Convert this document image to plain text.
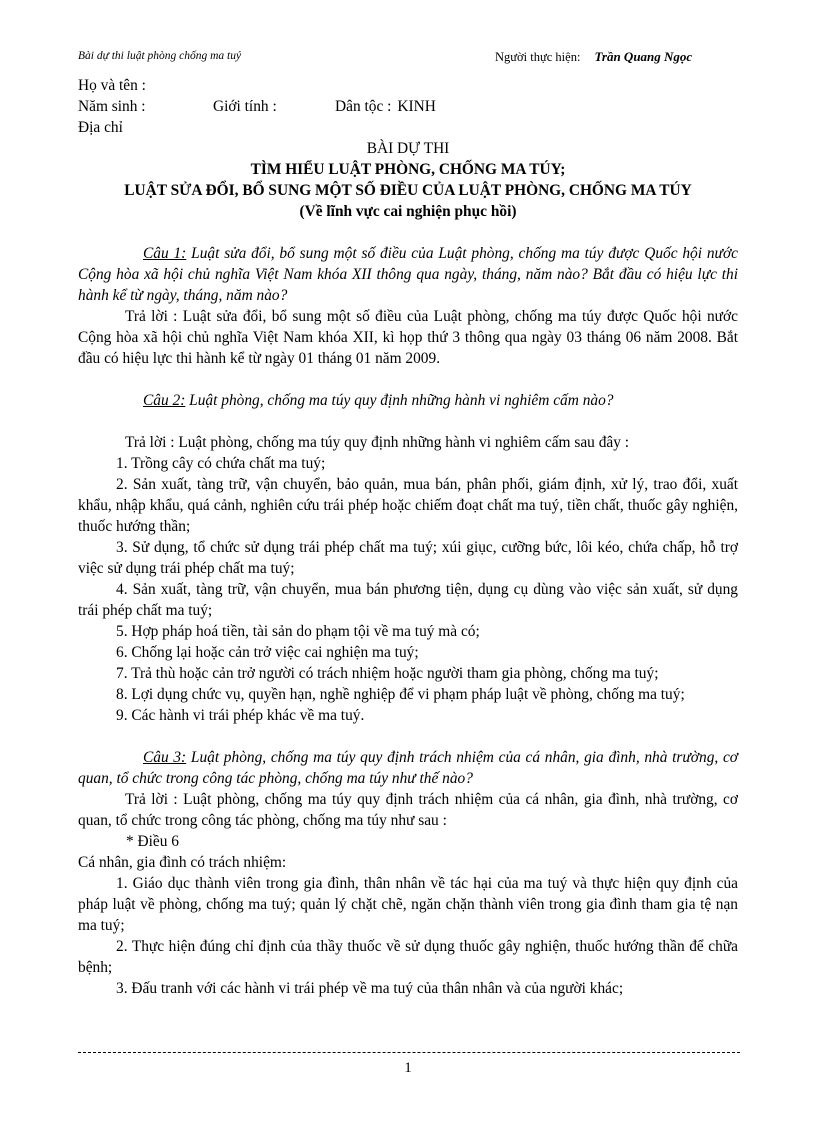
Bài dự thi luật phòng chống ma tuý	Người thực hiện: Trần Quang Ngọc

Họ và tên :

Năm sinh :	Giới tính :	Dân tộc : KINH

Địa chỉ

BÀI DỰ THI

TÌM HIỂU LUẬT PHÒNG, CHỐNG MA TÚY;

LUẬT SỬA ĐỔI, BỔ SUNG MỘT SỐ ĐIỀU CỦA LUẬT PHÒNG, CHỐNG MA TÚY

(Về lĩnh vực cai nghiện phục hồi)

Câu 1: Luật sửa đổi, bổ sung một số điều của Luật phòng, chống ma túy được Quốc hội nước Cộng hòa xã hội chủ nghĩa Việt Nam khóa XII thông qua ngày, tháng, năm nào? Bắt đầu có hiệu lực thi hành kể từ ngày, tháng, năm nào?

Trả lời : Luật sửa đổi, bổ sung một số điều của Luật phòng, chống ma túy được Quốc hội nước Cộng hòa xã hội chủ nghĩa Việt Nam khóa XII, kì họp thứ 3 thông qua ngày 03 tháng 06 năm 2008. Bắt đầu có hiệu lực thi hành kể từ ngày 01 tháng 01 năm 2009.

Câu 2: Luật phòng, chống ma túy quy định những hành vi nghiêm cấm nào?

Trả lời : Luật phòng, chống ma túy quy định những hành vi nghiêm cấm sau đây :

1. Trồng cây có chứa chất ma tuý;

2. Sản xuất, tàng trữ, vận chuyển, bảo quản, mua bán, phân phối, giám định, xử lý, trao đổi, xuất khẩu, nhập khẩu, quá cảnh, nghiên cứu trái phép hoặc chiếm đoạt chất ma tuý, tiền chất, thuốc gây nghiện, thuốc hướng thần;

3. Sử dụng, tổ chức sử dụng trái phép chất ma tuý; xúi giục, cưỡng bức, lôi kéo, chứa chấp, hỗ trợ việc sử dụng trái phép chất ma tuý;

4. Sản xuất, tàng trữ, vận chuyển, mua bán phương tiện, dụng cụ dùng vào việc sản xuất, sử dụng trái phép chất ma tuý;

5. Hợp pháp hoá tiền, tài sản do phạm tội về ma tuý mà có;

6. Chống lại hoặc cản trở việc cai nghiện ma tuý;

7. Trả thù hoặc cản trở người có trách nhiệm hoặc người tham gia phòng, chống ma tuý;

8. Lợi dụng chức vụ, quyền hạn, nghề nghiệp để vi phạm pháp luật về phòng, chống ma tuý;

9. Các hành vi trái phép khác về ma tuý.

Câu 3: Luật phòng, chống ma túy quy định trách nhiệm của cá nhân, gia đình, nhà trường, cơ quan, tổ chức trong công tác phòng, chống ma túy như thế nào?

Trả lời : Luật phòng, chống ma túy quy định trách nhiệm của cá nhân, gia đình, nhà trường, cơ quan, tổ chức trong công tác phòng, chống ma túy như sau :

* Điều 6

Cá nhân, gia đình có trách nhiệm:

1. Giáo dục thành viên trong gia đình, thân nhân về tác hại của ma tuý và thực hiện quy định của pháp luật về phòng, chống ma tuý; quản lý chặt chẽ, ngăn chặn thành viên trong gia đình tham gia tệ nạn ma tuý;

2. Thực hiện đúng chỉ định của thầy thuốc về sử dụng thuốc gây nghiện, thuốc hướng thần để chữa bệnh;

3. Đấu tranh với các hành vi trái phép về ma tuý của thân nhân và của người khác;

1
